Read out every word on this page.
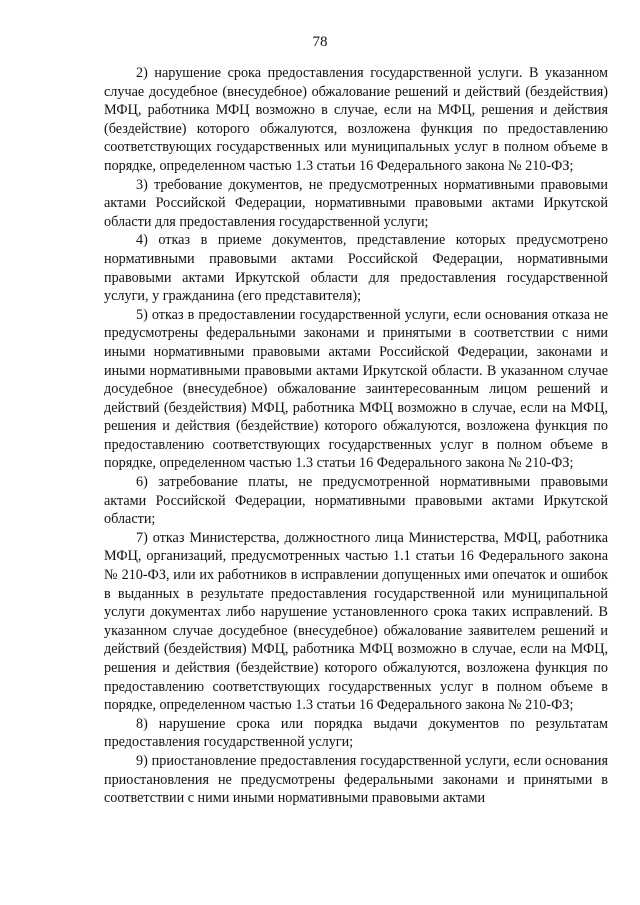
78

2) нарушение срока предоставления государственной услуги. В указанном случае досудебное (внесудебное) обжалование решений и действий (бездействия) МФЦ, работника МФЦ возможно в случае, если на МФЦ, решения и действия (бездействие) которого обжалуются, возложена функция по предоставлению соответствующих государственных или муниципальных услуг в полном объеме в порядке, определенном частью 1.3 статьи 16 Федерального закона № 210-ФЗ;

3) требование документов, не предусмотренных нормативными правовыми актами Российской Федерации, нормативными правовыми актами Иркутской области для предоставления государственной услуги;

4) отказ в приеме документов, представление которых предусмотрено нормативными правовыми актами Российской Федерации, нормативными правовыми актами Иркутской области для предоставления государственной услуги, у гражданина (его представителя);

5) отказ в предоставлении государственной услуги, если основания отказа не предусмотрены федеральными законами и принятыми в соответствии с ними иными нормативными правовыми актами Российской Федерации, законами и иными нормативными правовыми актами Иркутской области. В указанном случае досудебное (внесудебное) обжалование заинтересованным лицом решений и действий (бездействия) МФЦ, работника МФЦ возможно в случае, если на МФЦ, решения и действия (бездействие) которого обжалуются, возложена функция по предоставлению соответствующих государственных услуг в полном объеме в порядке, определенном частью 1.3 статьи 16 Федерального закона № 210-ФЗ;

6) затребование платы, не предусмотренной нормативными правовыми актами Российской Федерации, нормативными правовыми актами Иркутской области;

7) отказ Министерства, должностного лица Министерства, МФЦ, работника МФЦ, организаций, предусмотренных частью 1.1 статьи 16 Федерального закона № 210-ФЗ, или их работников в исправлении допущенных ими опечаток и ошибок в выданных в результате предоставления государственной или муниципальной услуги документах либо нарушение установленного срока таких исправлений. В указанном случае досудебное (внесудебное) обжалование заявителем решений и действий (бездействия) МФЦ, работника МФЦ возможно в случае, если на МФЦ, решения и действия (бездействие) которого обжалуются, возложена функция по предоставлению соответствующих государственных услуг в полном объеме в порядке, определенном частью 1.3 статьи 16 Федерального закона № 210-ФЗ;

8) нарушение срока или порядка выдачи документов по результатам предоставления государственной услуги;

9) приостановление предоставления государственной услуги, если основания приостановления не предусмотрены федеральными законами и принятыми в соответствии с ними иными нормативными правовыми актами
